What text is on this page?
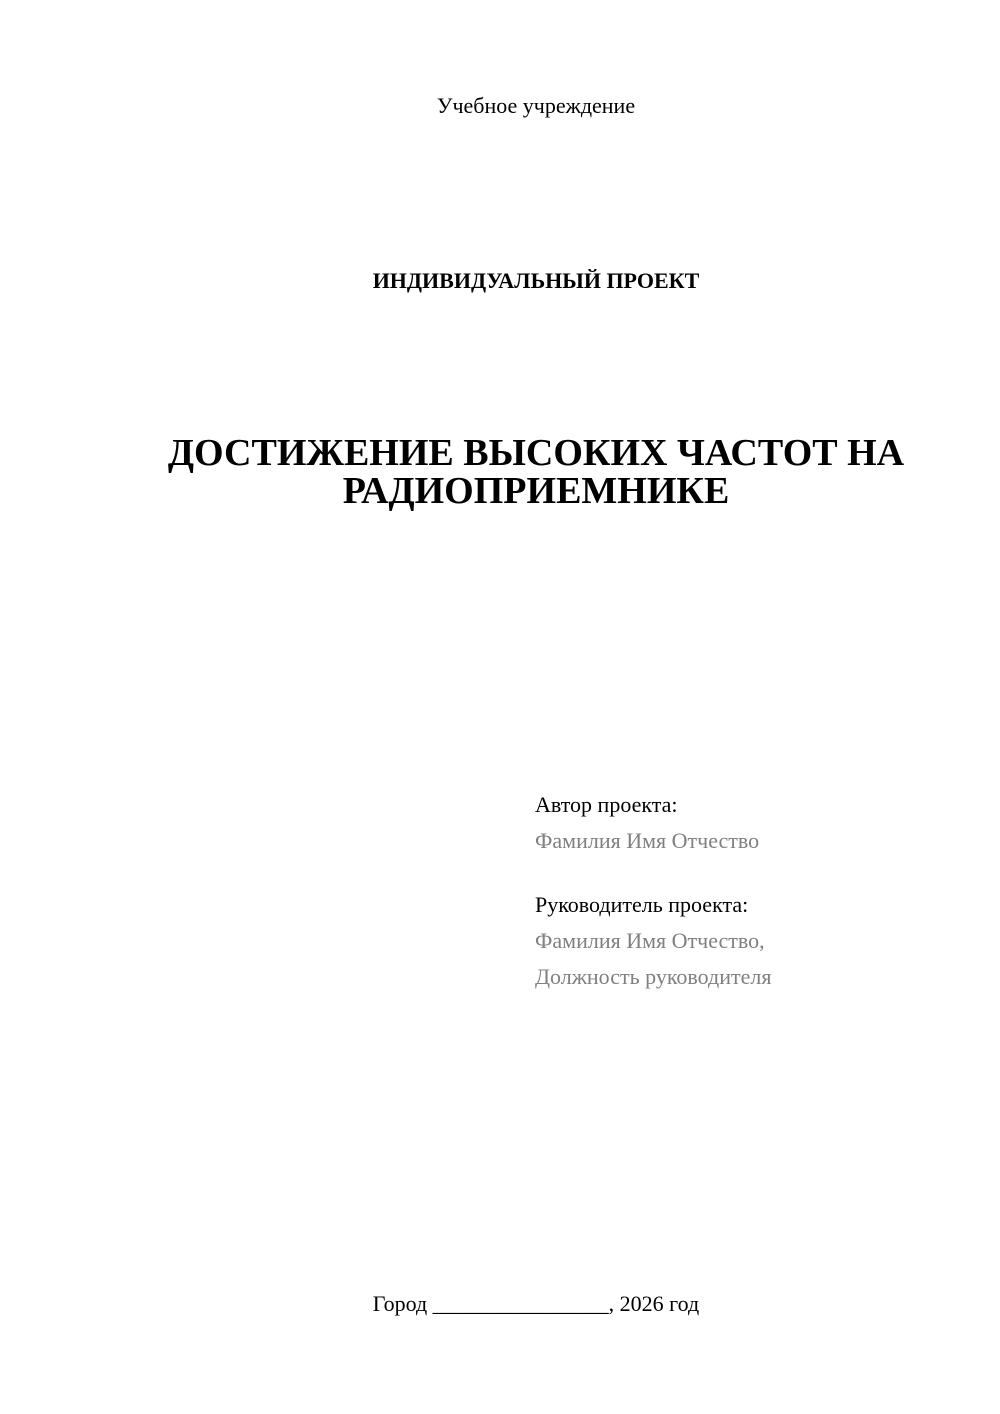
Учебное учреждение
ИНДИВИДУАЛЬНЫЙ ПРОЕКТ
ДОСТИЖЕНИЕ ВЫСОКИХ ЧАСТОТ НА
РАДИОПРИЕМНИКЕ
Автор проекта:
Фамилия Имя Отчество
Руководитель проекта:
Фамилия Имя Отчество,
Должность руководителя
Город ________________, 2026 год
